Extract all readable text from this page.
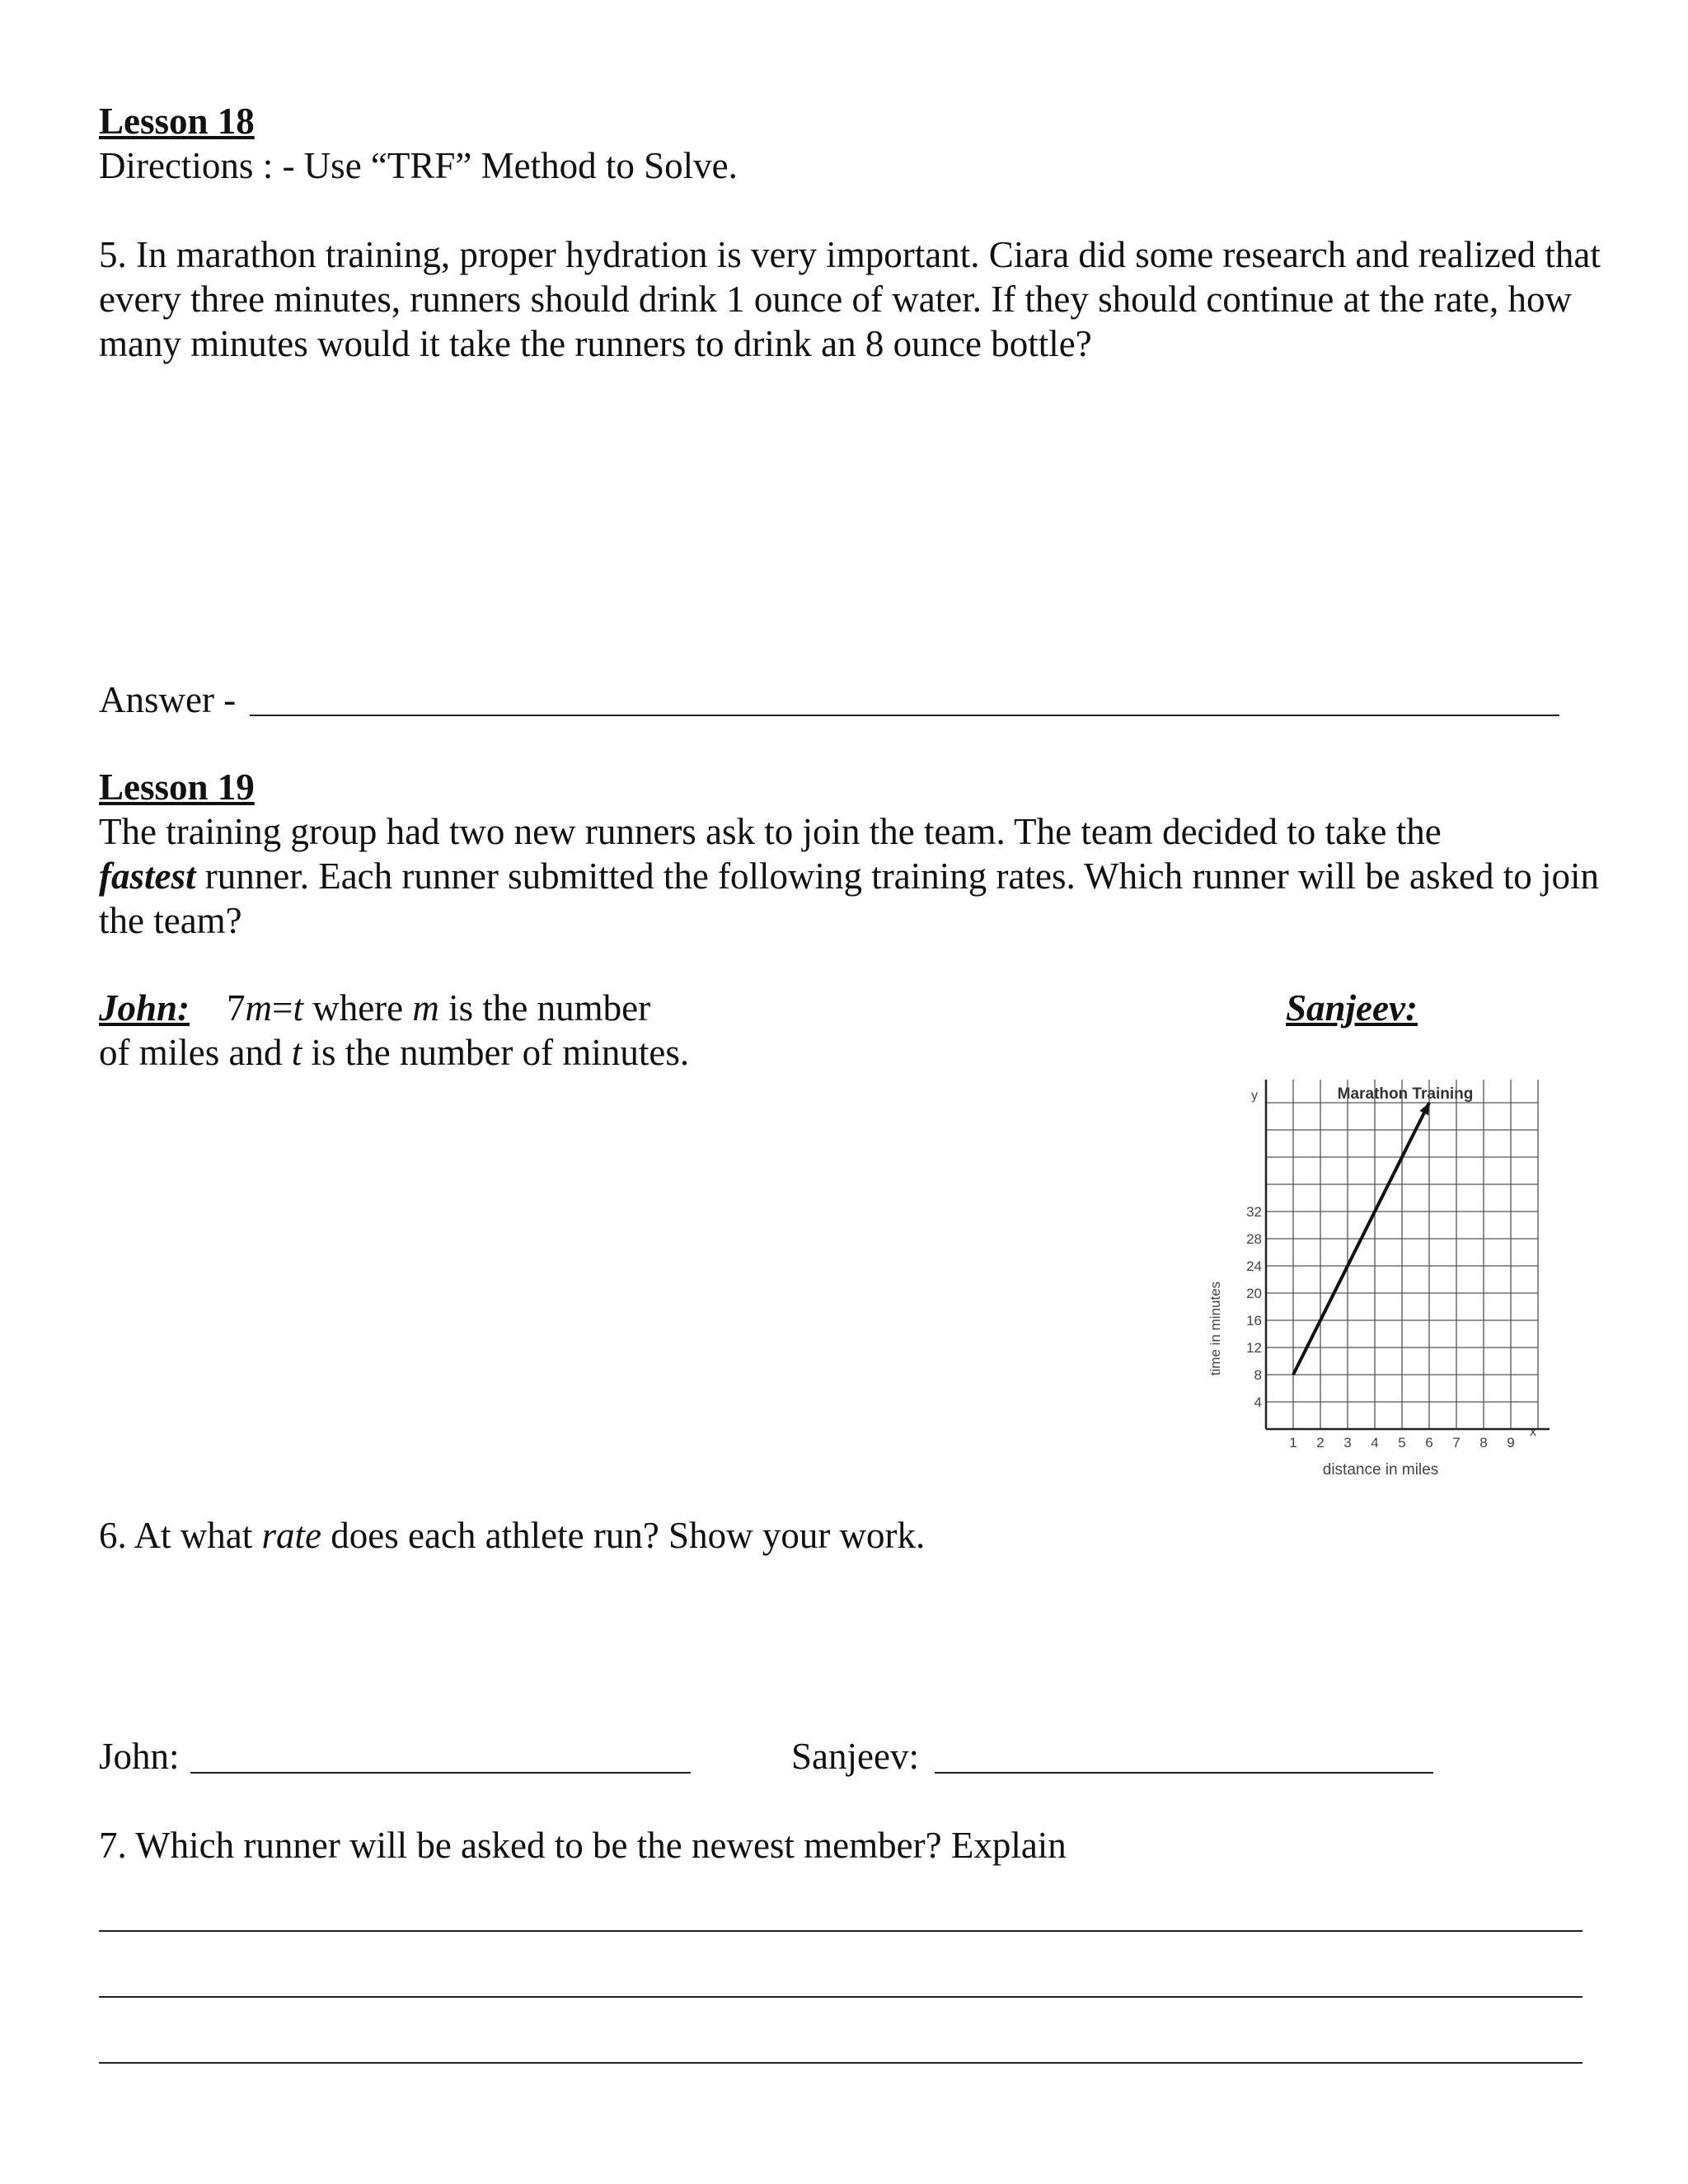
Lesson 18
Directions : - Use “TRF” Method to Solve.
5. In marathon training, proper hydration is very important. Ciara did some research and realized that every three minutes, runners should drink 1 ounce of water. If they should continue at the rate, how many minutes would it take the runners to drink an 8 ounce bottle?
Answer -
Lesson 19
The training group had two new runners ask to join the team. The team decided to take the
fastest runner. Each runner submitted the following training rates. Which runner will be asked to join the team?
John: 7m=t where m is the number
of miles and t is the number of minutes.
Sanjeev:
Marathon Training
y
x
time in minutes
distance in miles
1 2 3 4 5 6 7 8 9
4
8
12
16
20
24
28
32
6. At what rate does each athlete run? Show your work.
John:	Sanjeev:
7. Which runner will be asked to be the newest member? Explain
